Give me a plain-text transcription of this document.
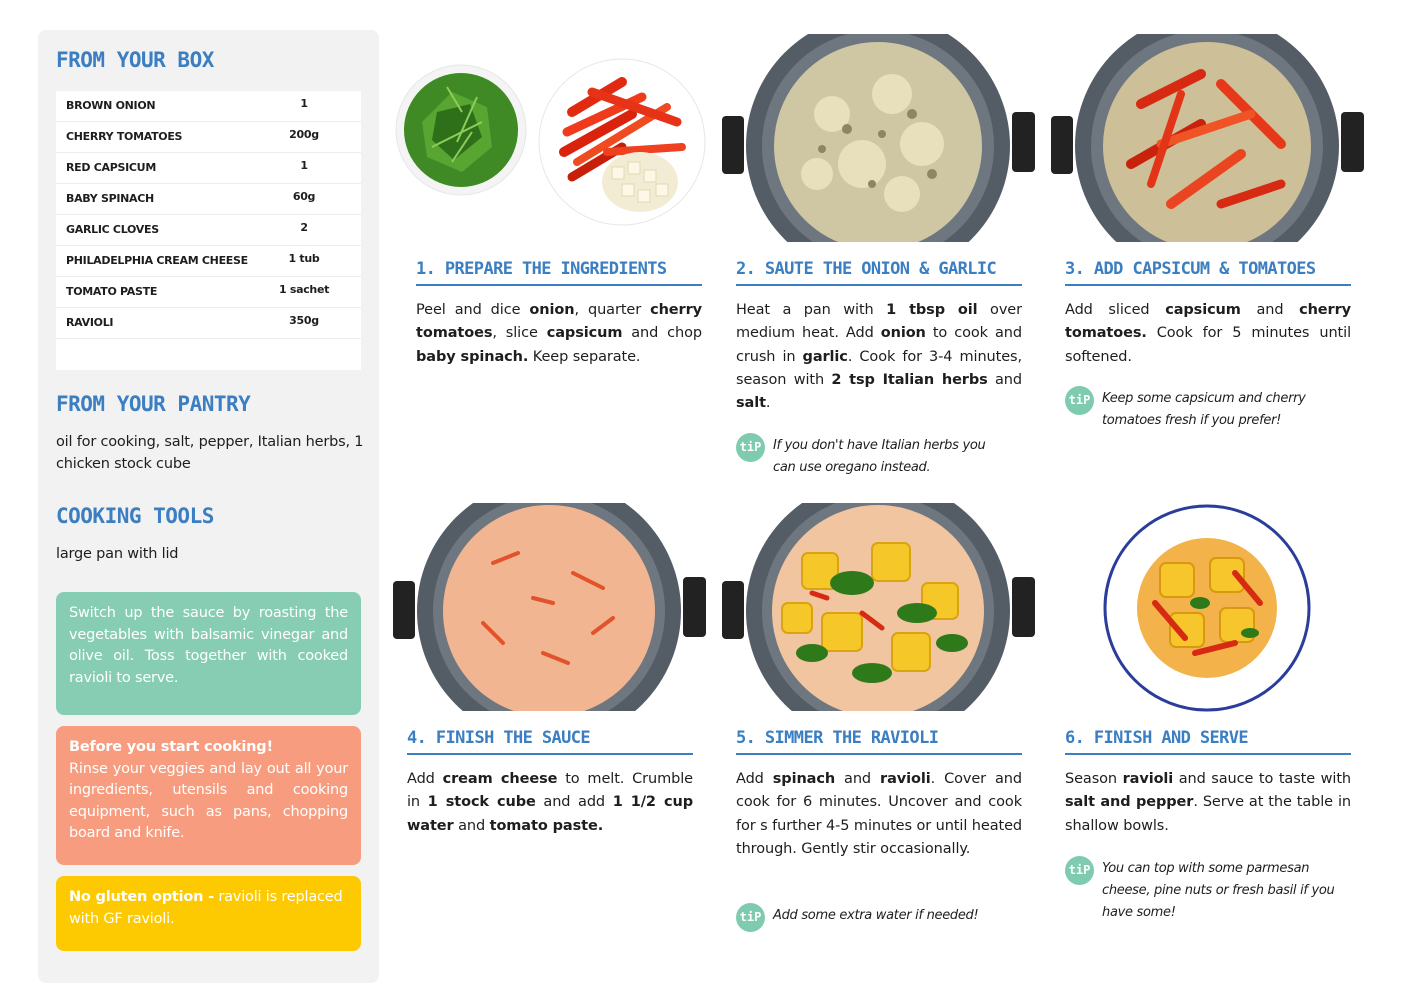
FROM YOUR BOX
BROWN ONION	1
CHERRY TOMATOES	200g
RED CAPSICUM	1
BABY SPINACH	60g
GARLIC CLOVES	2
PHILADELPHIA CREAM CHEESE	1 tub
TOMATO PASTE	1 sachet
RAVIOLI	350g
FROM YOUR PANTRY
oil for cooking, salt, pepper, Italian herbs, 1 chicken stock cube
COOKING TOOLS
large pan with lid
Switch up the sauce by roasting the vegetables with balsamic vinegar and olive oil. Toss together with cooked ravioli to serve.
Before you start cooking!
Rinse your veggies and lay out all your ingredients, utensils and cooking equipment, such as pans, chopping board and knife.
No gluten option - ravioli is replaced with GF ravioli.
1. PREPARE THE INGREDIENTS
Peel and dice onion, quarter cherry tomatoes, slice capsicum and chop baby spinach. Keep separate.
2. SAUTE THE ONION & GARLIC
Heat a pan with 1 tbsp oil over medium heat. Add onion to cook and crush in garlic. Cook for 3-4 minutes, season with 2 tsp Italian herbs and salt.
tiP If you don't have Italian herbs you can use oregano instead.
3. ADD CAPSICUM & TOMATOES
Add sliced capsicum and cherry tomatoes. Cook for 5 minutes until softened.
tiP Keep some capsicum and cherry tomatoes fresh if you prefer!
4. FINISH THE SAUCE
Add cream cheese to melt. Crumble in 1 stock cube and add 1 1/2 cup water and tomato paste.
5. SIMMER THE RAVIOLI
Add spinach and ravioli. Cover and cook for 6 minutes. Uncover and cook for s further 4-5 minutes or until heated through. Gently stir occasionally.
tiP Add some extra water if needed!
6. FINISH AND SERVE
Season ravioli and sauce to taste with salt and pepper. Serve at the table in shallow bowls.
tiP You can top with some parmesan cheese, pine nuts or fresh basil if you have some!
